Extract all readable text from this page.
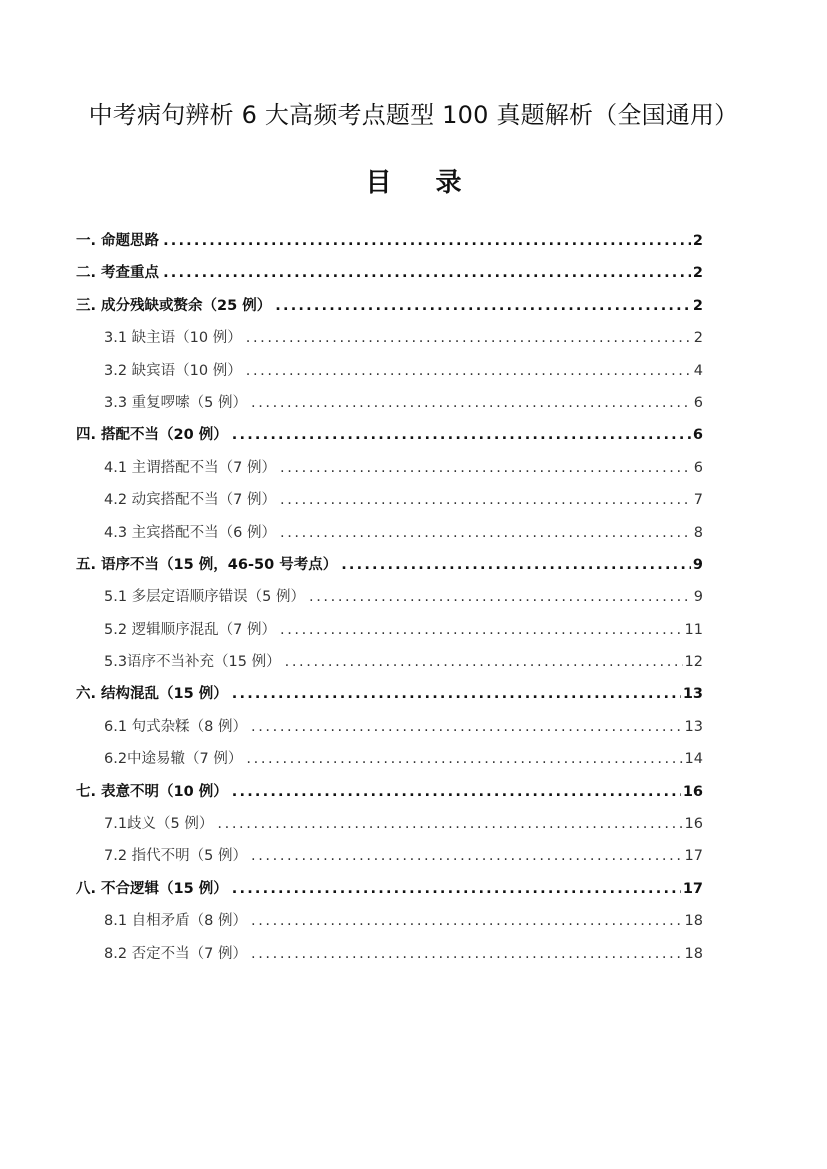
中考病句辨析 6 大高频考点题型 100 真题解析（全国通用）
目 录
一. 命题思路 .....	2
二. 考查重点 .....	2
三. 成分残缺或赘余（25 例） .....	2
3.1 缺主语（10 例） .....	2
3.2 缺宾语（10 例） .....	4
3.3 重复啰嗦（5 例） .....	6
四. 搭配不当（20 例） .....	6
4.1 主谓搭配不当（7 例） .....	6
4.2 动宾搭配不当（7 例） .....	7
4.3 主宾搭配不当（6 例） .....	8
五. 语序不当（15 例，46-50 号考点） .....	9
5.1 多层定语顺序错误（5 例） .....	9
5.2 逻辑顺序混乱（7 例） .....	11
5.3语序不当补充（15 例） .....	12
六. 结构混乱（15 例） .....	13
6.1 句式杂糅（8 例） .....	13
6.2中途易辙（7 例） .....	14
七. 表意不明（10 例） .....	16
7.1歧义（5 例） .....	16
7.2 指代不明（5 例） .....	17
八. 不合逻辑（15 例） .....	17
8.1 自相矛盾（8 例） .....	18
8.2 否定不当（7 例） .....	18
